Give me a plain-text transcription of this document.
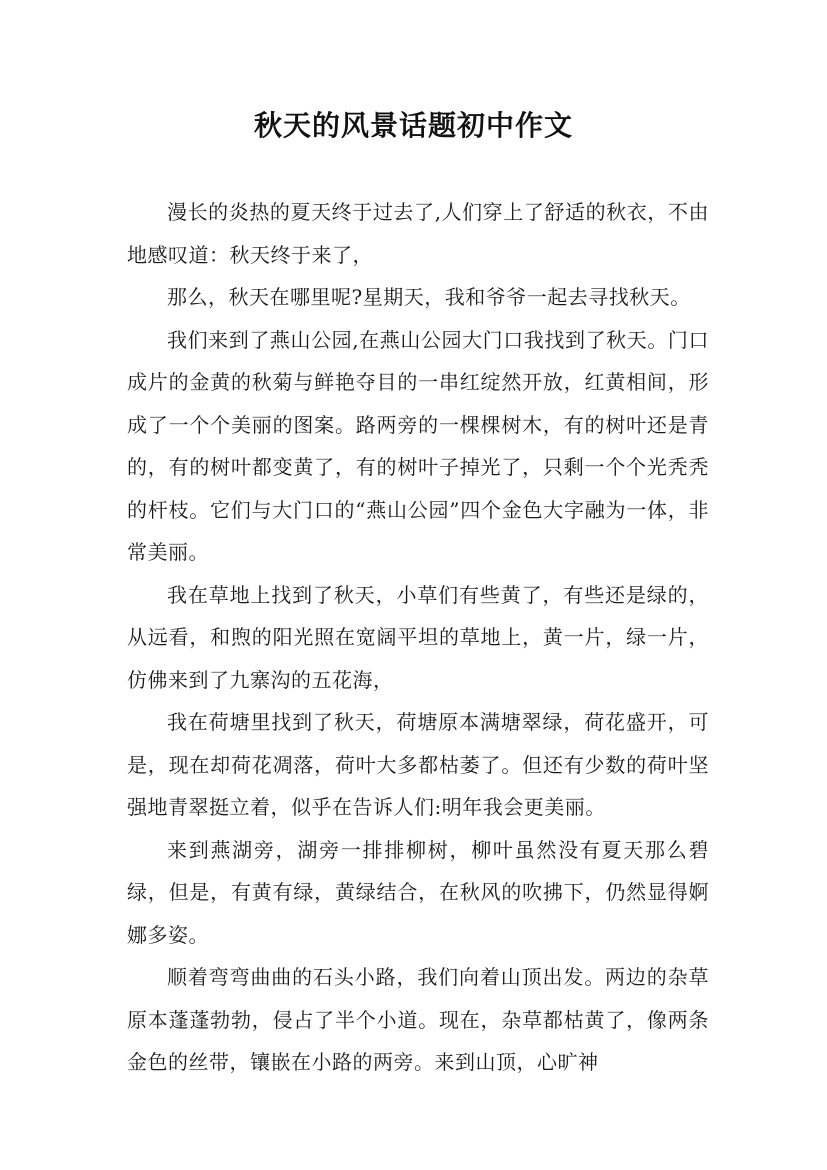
秋天的风景话题初中作文

漫长的炎热的夏天终于过去了,人们穿上了舒适的秋衣，不由地感叹道：秋天终于来了，

那么，秋天在哪里呢?星期天，我和爷爷一起去寻找秋天。

我们来到了燕山公园,在燕山公园大门口我找到了秋天。门口成片的金黄的秋菊与鲜艳夺目的一串红绽然开放，红黄相间，形成了一个个美丽的图案。路两旁的一棵棵树木，有的树叶还是青的，有的树叶都变黄了，有的树叶子掉光了，只剩一个个光秃秃的杆枝。它们与大门口的“燕山公园”四个金色大字融为一体，非常美丽。

我在草地上找到了秋天，小草们有些黄了，有些还是绿的，从远看，和煦的阳光照在宽阔平坦的草地上，黄一片，绿一片，仿佛来到了九寨沟的五花海，

我在荷塘里找到了秋天，荷塘原本满塘翠绿，荷花盛开，可是，现在却荷花凋落，荷叶大多都枯萎了。但还有少数的荷叶坚强地青翠挺立着，似乎在告诉人们:明年我会更美丽。

来到燕湖旁，湖旁一排排柳树，柳叶虽然没有夏天那么碧绿，但是，有黄有绿，黄绿结合，在秋风的吹拂下，仍然显得婀娜多姿。

顺着弯弯曲曲的石头小路，我们向着山顶出发。两边的杂草原本蓬蓬勃勃，侵占了半个小道。现在，杂草都枯黄了，像两条金色的丝带，镶嵌在小路的两旁。来到山顶，心旷神
